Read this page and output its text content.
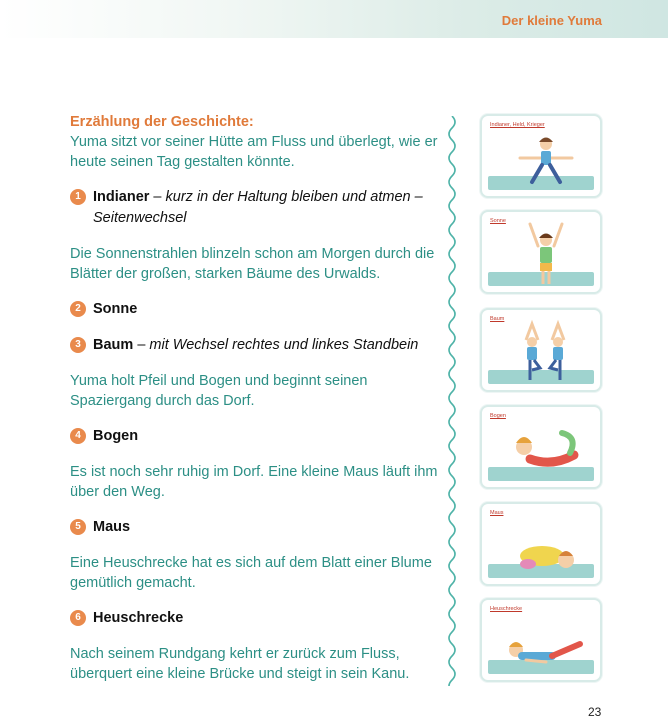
Der kleine Yuma
Erzählung der Geschichte:
Yuma sitzt vor seiner Hütte am Fluss und überlegt, wie er heute seinen Tag gestalten könnte.
1 Indianer – kurz in der Haltung bleiben und atmen – Seitenwechsel
Die Sonnenstrahlen blinzeln schon am Morgen durch die Blätter der großen, starken Bäume des Urwalds.
2 Sonne
3 Baum – mit Wechsel rechtes und linkes Standbein
Yuma holt Pfeil und Bogen und beginnt seinen Spaziergang durch das Dorf.
4 Bogen
Es ist noch sehr ruhig im Dorf. Eine kleine Maus läuft ihm über den Weg.
5 Maus
Eine Heuschrecke hat es sich auf dem Blatt einer Blume gemütlich gemacht.
6 Heuschrecke
Nach seinem Rundgang kehrt er zurück zum Fluss, überquert eine kleine Brücke und steigt in sein Kanu.
Indianer, Held, Krieger
Sonne
Baum
Bogen
Maus
Heuschrecke
23
